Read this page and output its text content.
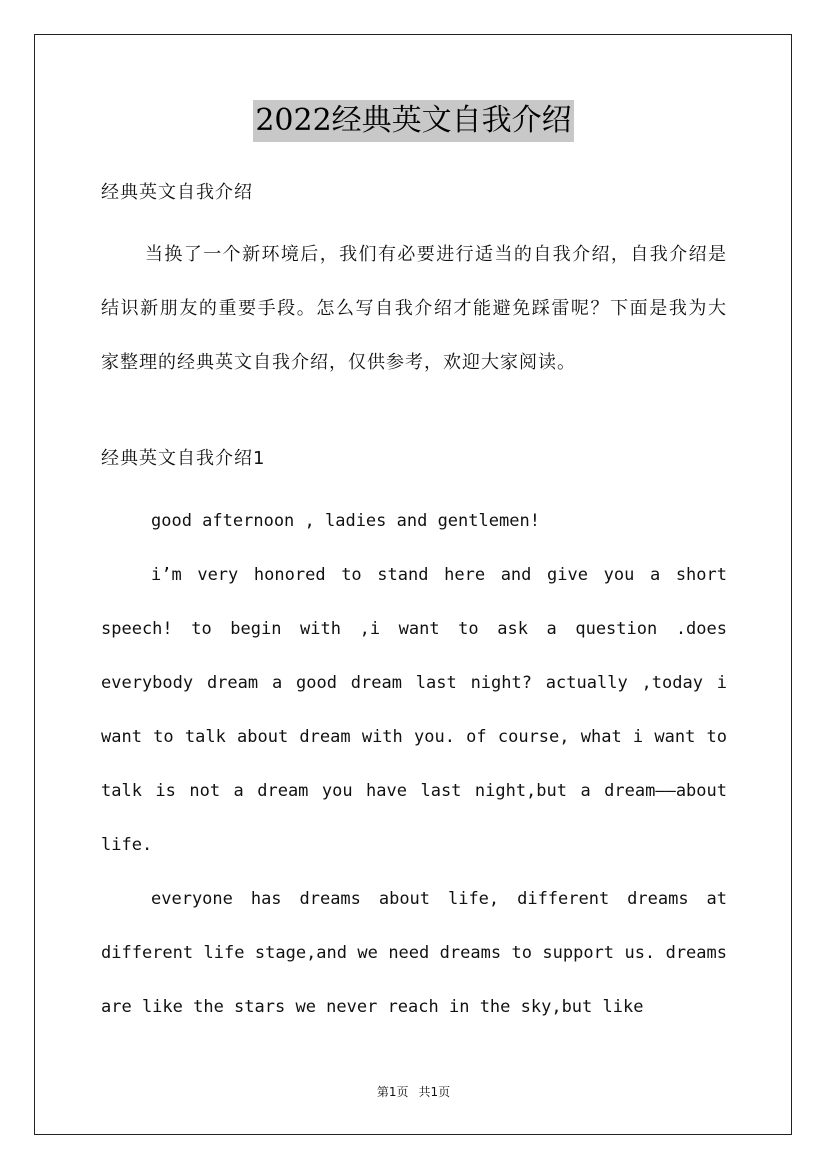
2022经典英文自我介绍

经典英文自我介绍

当换了一个新环境后，我们有必要进行适当的自我介绍，自我介绍是结识新朋友的重要手段。怎么写自我介绍才能避免踩雷呢？下面是我为大家整理的经典英文自我介绍，仅供参考，欢迎大家阅读。

经典英文自我介绍1

good afternoon , ladies and gentlemen!

i’m very honored to stand here and give you a short speech! to begin with ,i want to ask a question .does everybody dream a good dream last night? actually ,today i want to talk about dream with you. of course, what i want to talk is not a dream you have last night,but a dream——about life.

everyone has dreams about life, different dreams at different life stage,and we need dreams to support us. dreams are like the stars we never reach in the sky,but like

第1页 共1页
